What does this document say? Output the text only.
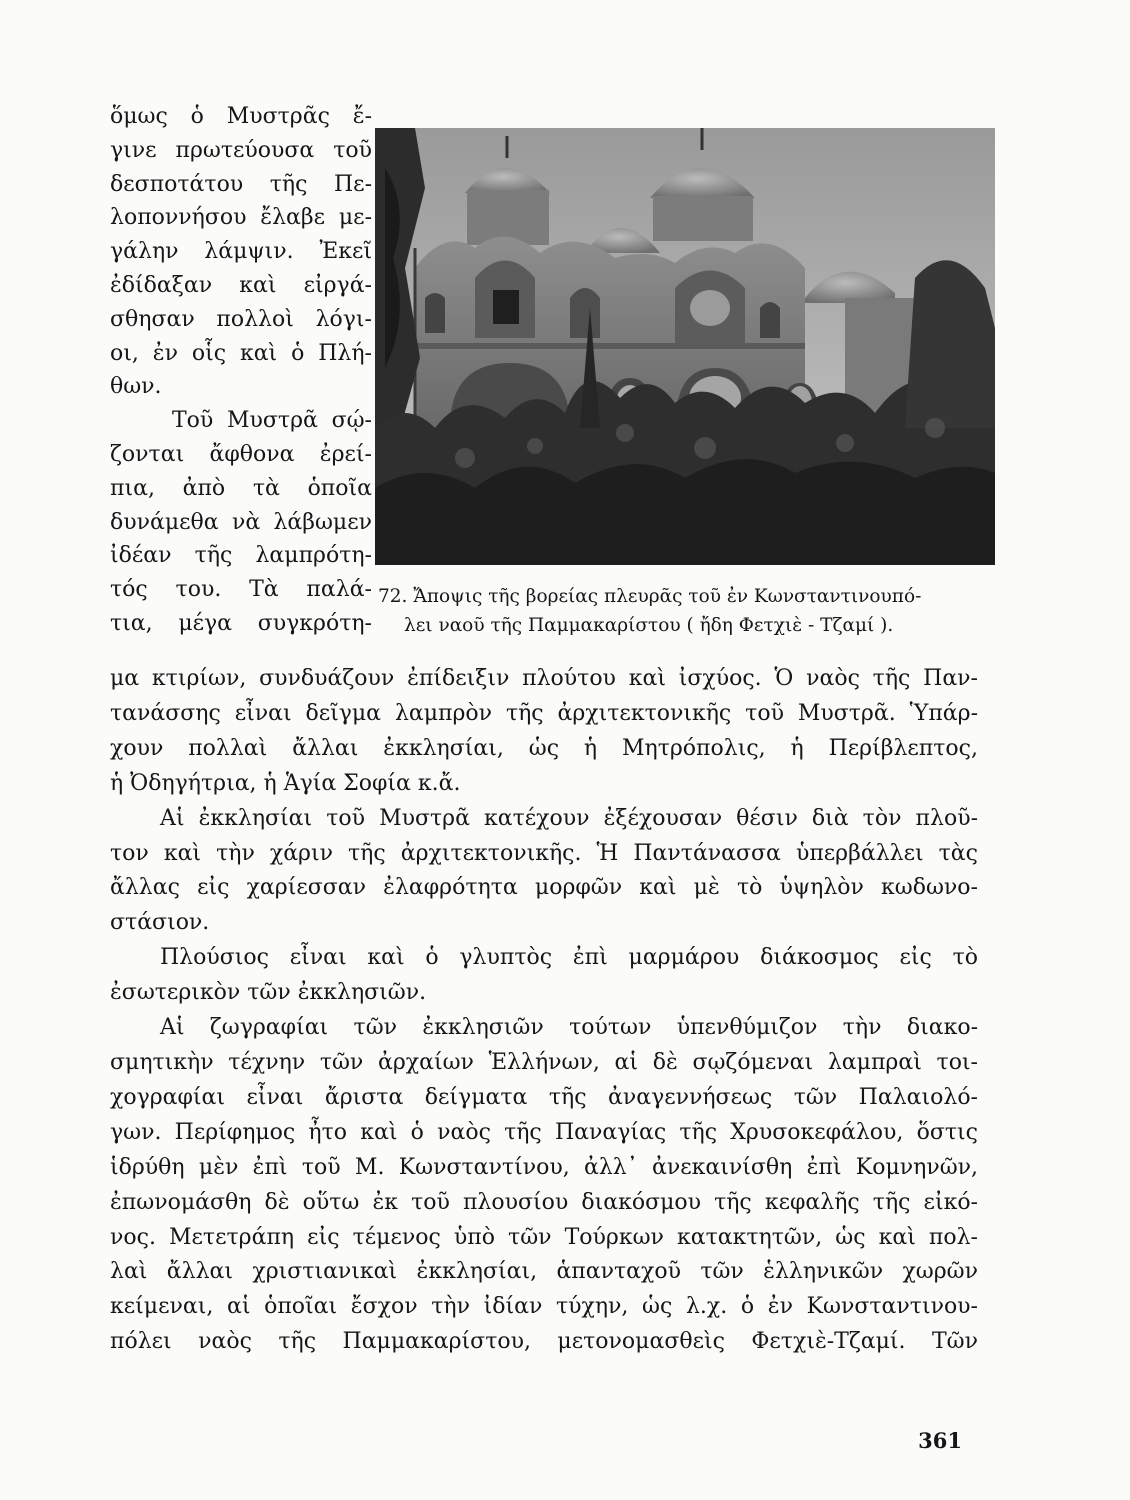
ὅμως ὁ Μυστρᾶς ἔ-
γινε πρωτεύουσα τοῦ
δεσποτάτου τῆς Πε-
λοποννήσου ἔλαβε με-
γάλην λάμψιν. Ἐκεῖ
ἐδίδαξαν καὶ εἰργά-
σθησαν πολλοὶ λόγι-
οι, ἐν οἷς καὶ ὁ Πλή-
θων.
Τοῦ Μυστρᾶ σῴ-
ζονται ἄφθονα ἐρεί-
πια, ἀπὸ τὰ ὁποῖα
δυνάμεθα νὰ λάβωμεν
ἰδέαν τῆς λαμπρότη-
τός του. Τὰ παλά-
τια, μέγα συγκρότη-
72. Ἄποψις τῆς βορείας πλευρᾶς τοῦ ἐν Κωνσταντινουπό-
λει ναοῦ τῆς Παμμακαρίστου ( ἤδη Φετχιὲ - Τζαμί ).
μα κτιρίων, συνδυάζουν ἐπίδειξιν πλούτου καὶ ἰσχύος. Ὁ ναὸς τῆς Παν-
τανάσσης εἶναι δεῖγμα λαμπρὸν τῆς ἀρχιτεκτονικῆς τοῦ Μυστρᾶ. Ὑπάρ-
χουν πολλαὶ ἄλλαι ἐκκλησίαι, ὡς ἡ Μητρόπολις, ἡ Περίβλεπτος,
ἡ Ὀδηγήτρια, ἡ Ἁγία Σοφία κ.ἄ.
Αἱ ἐκκλησίαι τοῦ Μυστρᾶ κατέχουν ἐξέχουσαν θέσιν διὰ τὸν πλοῦ-
τον καὶ τὴν χάριν τῆς ἀρχιτεκτονικῆς. Ἡ Παντάνασσα ὑπερβάλλει τὰς
ἄλλας εἰς χαρίεσσαν ἐλαφρότητα μορφῶν καὶ μὲ τὸ ὑψηλὸν κωδωνο-
στάσιον.
Πλούσιος εἶναι καὶ ὁ γλυπτὸς ἐπὶ μαρμάρου διάκοσμος εἰς τὸ
ἐσωτερικὸν τῶν ἐκκλησιῶν.
Αἱ ζωγραφίαι τῶν ἐκκλησιῶν τούτων ὑπενθύμιζον τὴν διακο-
σμητικὴν τέχνην τῶν ἀρχαίων Ἑλλήνων, αἱ δὲ σῳζόμεναι λαμπραὶ τοι-
χογραφίαι εἶναι ἄριστα δείγματα τῆς ἀναγεννήσεως τῶν Παλαιολό-
γων. Περίφημος ἦτο καὶ ὁ ναὸς τῆς Παναγίας τῆς Χρυσοκεφάλου, ὅστις
ἱδρύθη μὲν ἐπὶ τοῦ Μ. Κωνσταντίνου, ἀλλ᾽ ἀνεκαινίσθη ἐπὶ Κομνηνῶν,
ἐπωνομάσθη δὲ οὕτω ἐκ τοῦ πλουσίου διακόσμου τῆς κεφαλῆς τῆς εἰκό-
νος. Μετετράπη εἰς τέμενος ὑπὸ τῶν Τούρκων κατακτητῶν, ὡς καὶ πολ-
λαὶ ἄλλαι χριστιανικαὶ ἐκκλησίαι, ἁπανταχοῦ τῶν ἑλληνικῶν χωρῶν
κείμεναι, αἱ ὁποῖαι ἔσχον τὴν ἰδίαν τύχην, ὡς λ.χ. ὁ ἐν Κωνσταντινου-
πόλει ναὸς τῆς Παμμακαρίστου, μετονομασθεὶς Φετχιὲ-Τζαμί. Τῶν
361
